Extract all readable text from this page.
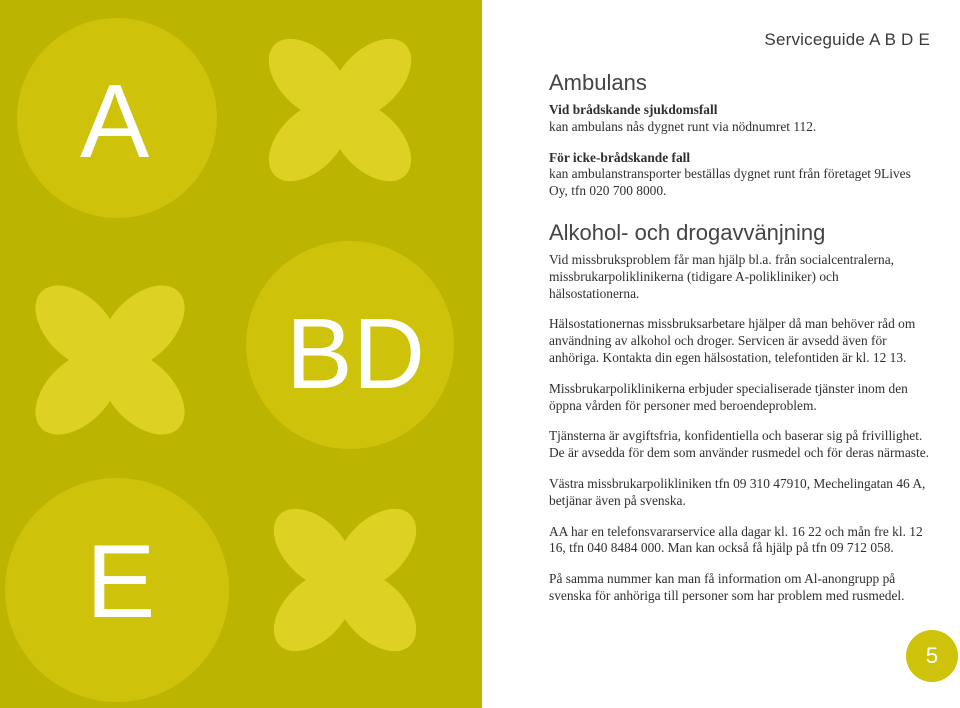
A
BD
E
Serviceguide A B D E
Ambulans

Vid brådskande sjukdomsfall
kan ambulans nås dygnet runt via nödnumret 112.

För icke-brådskande fall
kan ambulanstransporter beställas dygnet runt från företaget 9Lives Oy, tfn 020 700 8000.

Alkohol- och drogavvänjning

Vid missbruksproblem får man hjälp bl.a. från socialcentralerna, missbrukarpoliklinikerna (tidigare A-polikliniker) och hälsostationerna.

Hälsostationernas missbruksarbetare hjälper då man behöver råd om användning av alkohol och droger. Servicen är avsedd även för anhöriga. Kontakta din egen hälsostation, telefontiden är kl. 12 13.

Missbrukarpoliklinikerna erbjuder specialiserade tjänster inom den öppna vården för personer med beroendeproblem.

Tjänsterna är avgiftsfria, konfidentiella och baserar sig på frivillighet. De är avsedda för dem som använder rusmedel och för deras närmaste.

Västra missbrukarpolikliniken tfn 09 310 47910, Mechelingatan 46 A, betjänar även på svenska.

AA har en telefonsvararservice alla dagar kl. 16 22 och mån fre kl. 12 16, tfn 040 8484 000. Man kan också få hjälp på tfn 09 712 058.

På samma nummer kan man få information om Al-anongrupp på svenska för anhöriga till personer som har problem med rusmedel.

5
